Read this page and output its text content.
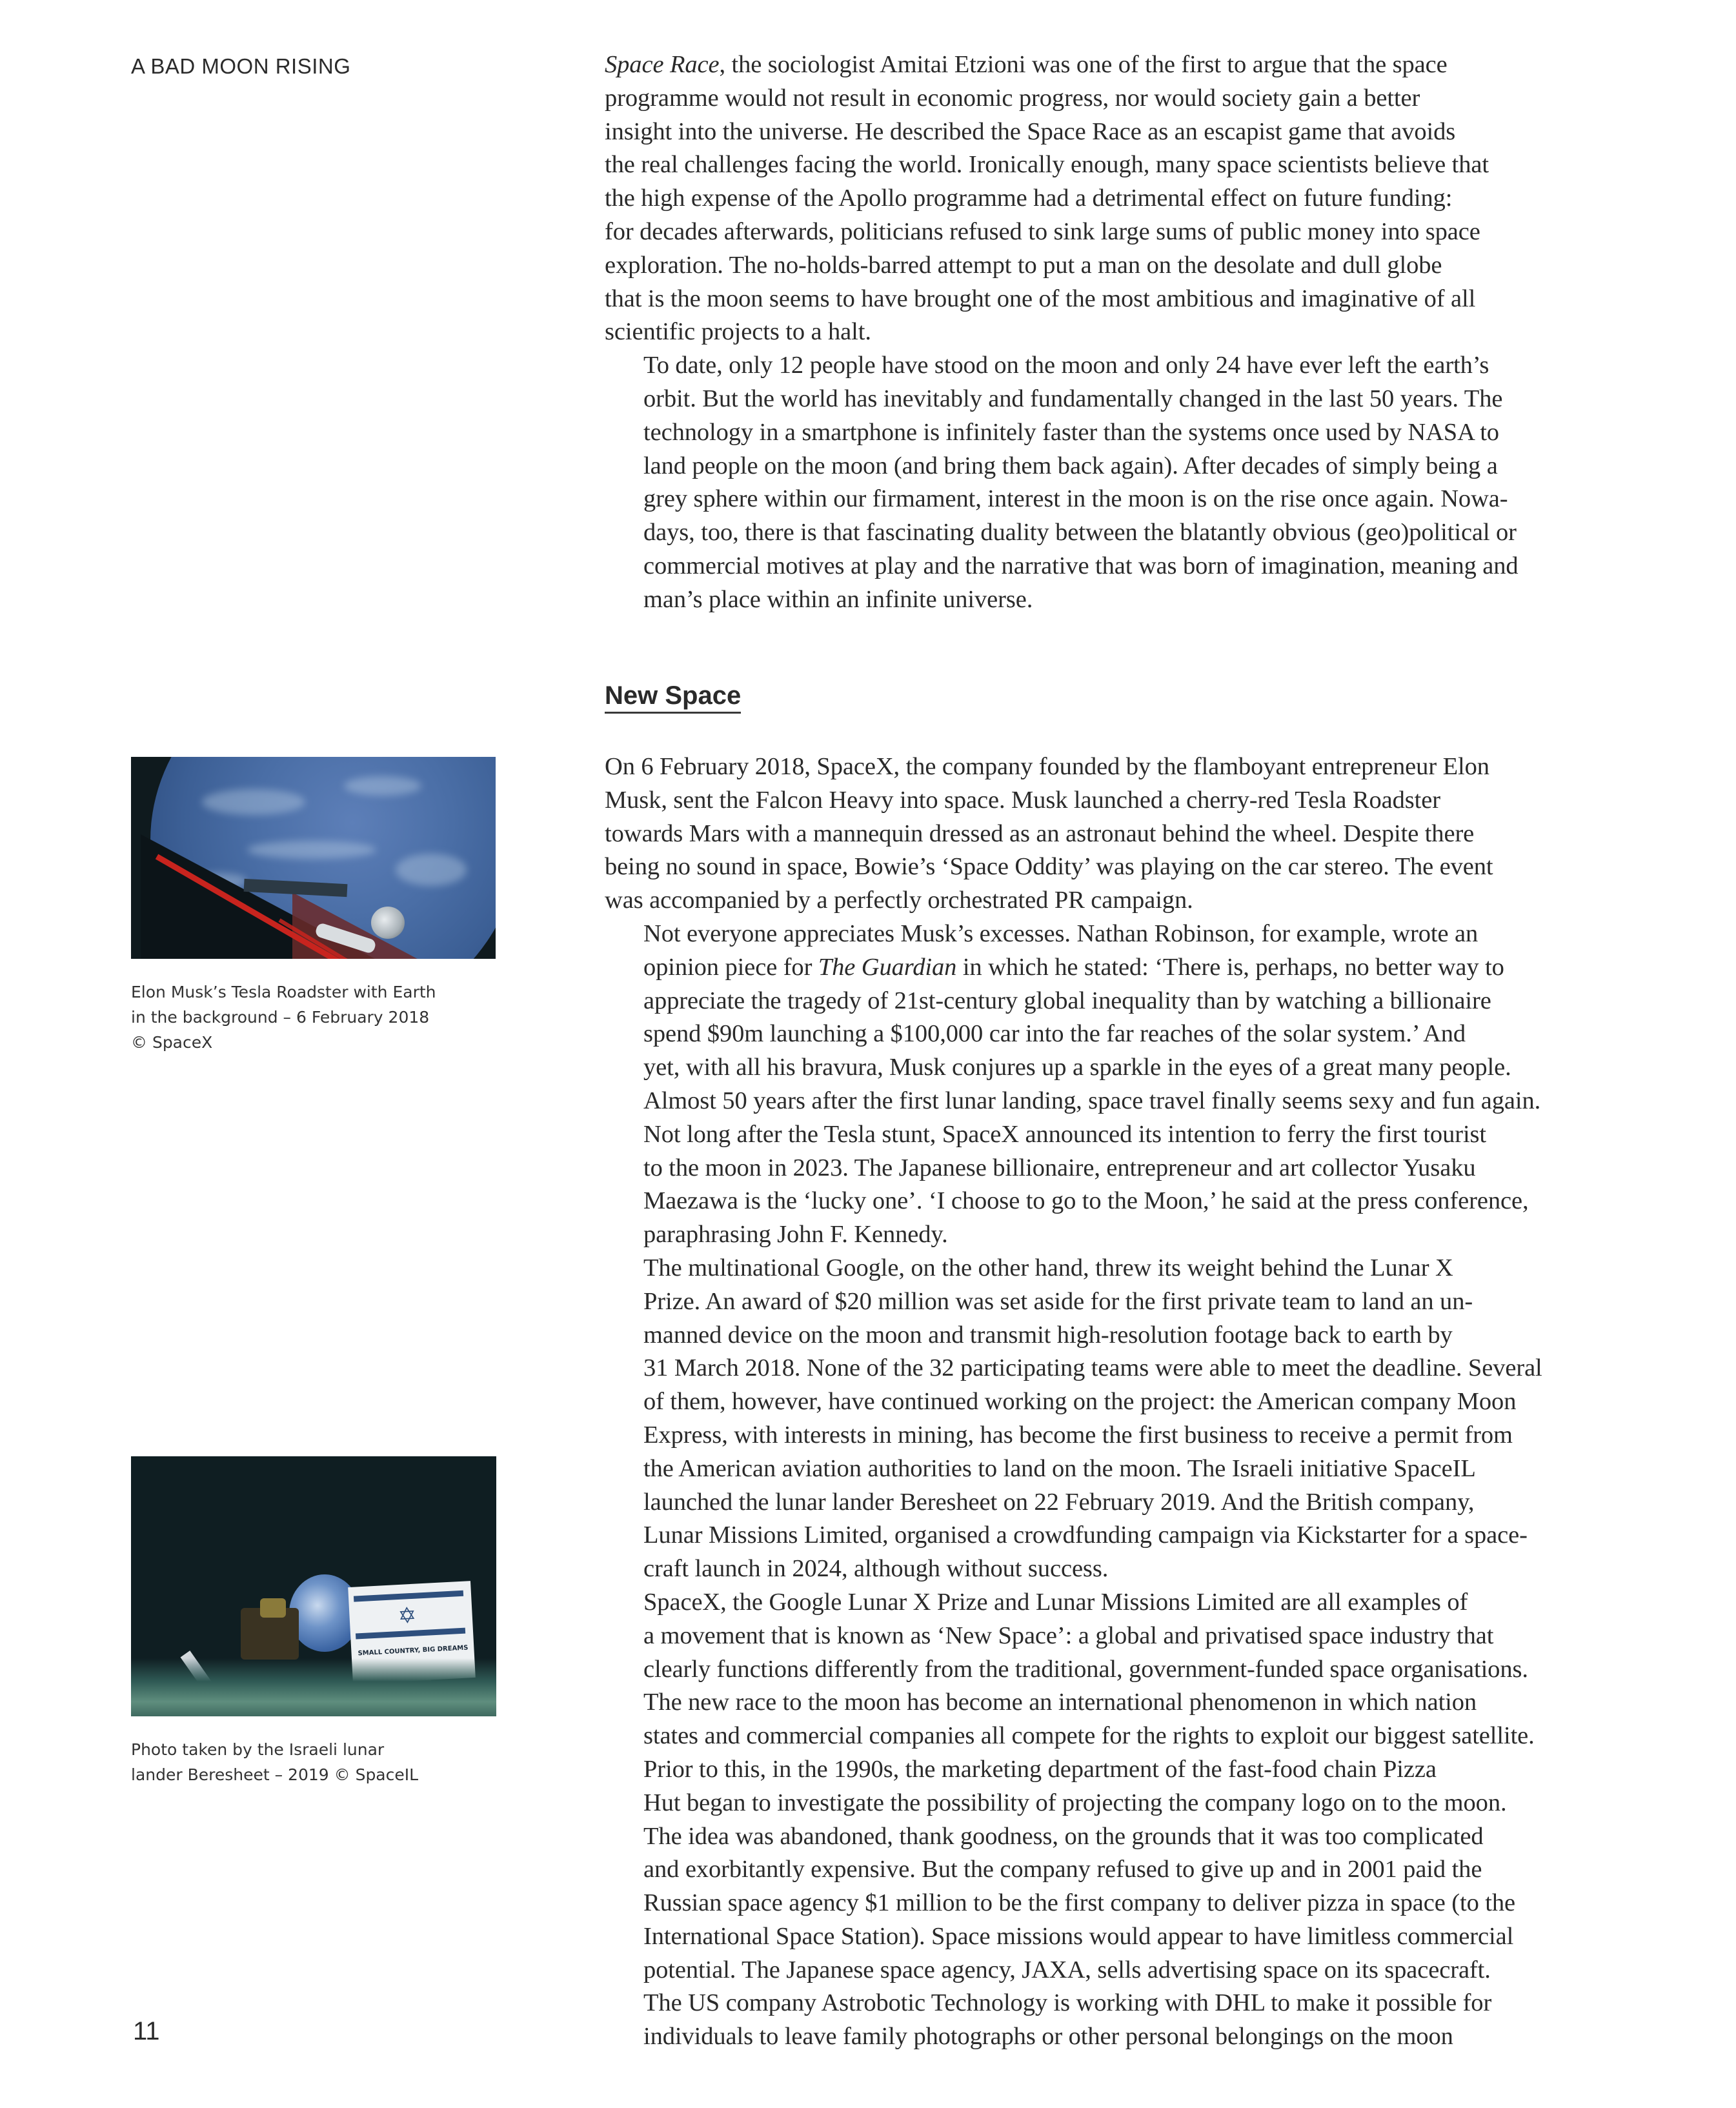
A BAD MOON RISING	Space Race, the sociologist Amitai Etzioni was one of the first to argue that the space
programme would not result in economic progress, nor would society gain a better
insight into the universe. He described the Space Race as an escapist game that avoids
the real challenges facing the world. Ironically enough, many space scientists believe that
the high expense of the Apollo programme had a detrimental effect on future funding:
for decades afterwards, politicians refused to sink large sums of public money into space
exploration. The no-holds-barred attempt to put a man on the desolate and dull globe
that is the moon seems to have brought one of the most ambitious and imaginative of all
scientific projects to a halt.

To date, only 12 people have stood on the moon and only 24 have ever left the earth’s
orbit. But the world has inevitably and fundamentally changed in the last 50 years. The
technology in a smartphone is infinitely faster than the systems once used by NASA to
land people on the moon (and bring them back again). After decades of simply being a
grey sphere within our firmament, interest in the moon is on the rise once again. Nowa-
days, too, there is that fascinating duality between the blatantly obvious (geo)political or
commercial motives at play and the narrative that was born of imagination, meaning and
man’s place within an infinite universe.

New Space

On 6 February 2018, SpaceX, the company founded by the flamboyant entrepreneur Elon
Musk, sent the Falcon Heavy into space. Musk launched a cherry-red Tesla Roadster
towards Mars with a mannequin dressed as an astronaut behind the wheel. Despite there
being no sound in space, Bowie’s ‘Space Oddity’ was playing on the car stereo. The event
was accompanied by a perfectly orchestrated PR campaign.

Not everyone appreciates Musk’s excesses. Nathan Robinson, for example, wrote an
opinion piece for The Guardian in which he stated: ‘There is, perhaps, no better way to
appreciate the tragedy of 21st-century global inequality than by watching a billionaire
spend $90m launching a $100,000 car into the far reaches of the solar system.’ And
yet, with all his bravura, Musk conjures up a sparkle in the eyes of a great many people.
Almost 50 years after the first lunar landing, space travel finally seems sexy and fun again.
Not long after the Tesla stunt, SpaceX announced its intention to ferry the first tourist
to the moon in 2023. The Japanese billionaire, entrepreneur and art collector Yusaku
Maezawa is the ‘lucky one’. ‘I choose to go to the Moon,’ he said at the press conference,
paraphrasing John F. Kennedy.

The multinational Google, on the other hand, threw its weight behind the Lunar X
Prize. An award of $20 million was set aside for the first private team to land an un-
manned device on the moon and transmit high-resolution footage back to earth by
31 March 2018. None of the 32 participating teams were able to meet the deadline. Several
of them, however, have continued working on the project: the American company Moon
Express, with interests in mining, has become the first business to receive a permit from
the American aviation authorities to land on the moon. The Israeli initiative SpaceIL
launched the lunar lander Beresheet on 22 February 2019. And the British company,
Lunar Missions Limited, organised a crowdfunding campaign via Kickstarter for a space-
craft launch in 2024, although without success.

SpaceX, the Google Lunar X Prize and Lunar Missions Limited are all examples of
a movement that is known as ‘New Space’: a global and privatised space industry that
clearly functions differently from the traditional, government-funded space organisations.
The new race to the moon has become an international phenomenon in which nation
states and commercial companies all compete for the rights to exploit our biggest satellite.

Prior to this, in the 1990s, the marketing department of the fast-food chain Pizza
Hut began to investigate the possibility of projecting the company logo on to the moon.
The idea was abandoned, thank goodness, on the grounds that it was too complicated
and exorbitantly expensive. But the company refused to give up and in 2001 paid the
Russian space agency $1 million to be the first company to deliver pizza in space (to the
International Space Station). Space missions would appear to have limitless commercial
potential. The Japanese space agency, JAXA, sells advertising space on its spacecraft.
The US company Astrobotic Technology is working with DHL to make it possible for
individuals to leave family photographs or other personal belongings on the moon

Elon Musk’s Tesla Roadster with Earth
in the background – 6 February 2018
© SpaceX
✡
SMALL COUNTRY, BIG DREAMS
Photo taken by the Israeli lunar
lander Beresheet – 2019 © SpaceIL
11
